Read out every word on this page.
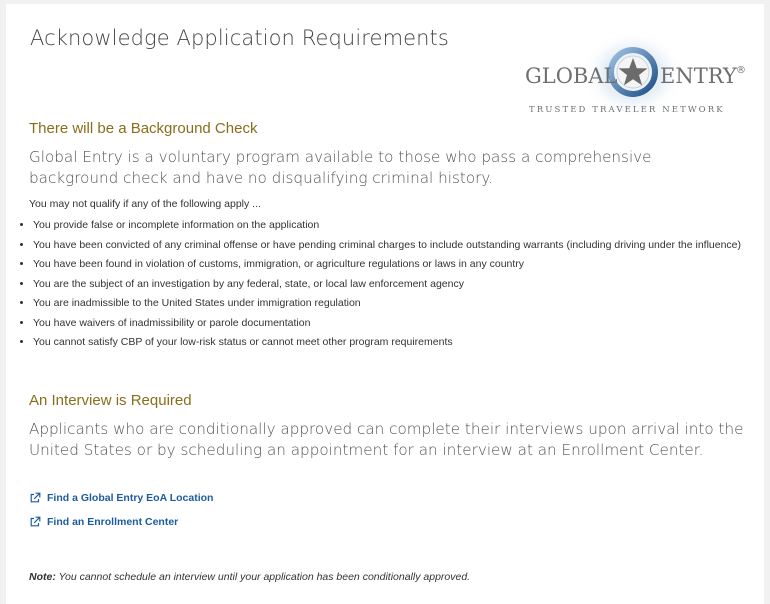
Acknowledge Application Requirements
GLOBAL ENTRY ®
TRUSTED TRAVELER NETWORK
There will be a Background Check

Global Entry is a voluntary program available to those who pass a comprehensive background check and have no disqualifying criminal history.

You may not qualify if any of the following apply ...

• You provide false or incomplete information on the application
• You have been convicted of any criminal offense or have pending criminal charges to include outstanding warrants (including driving under the influence)
• You have been found in violation of customs, immigration, or agriculture regulations or laws in any country
• You are the subject of an investigation by any federal, state, or local law enforcement agency
• You are inadmissible to the United States under immigration regulation
• You have waivers of inadmissibility or parole documentation
• You cannot satisfy CBP of your low-risk status or cannot meet other program requirements
An Interview is Required

Applicants who are conditionally approved can complete their interviews upon arrival into the
United States or by scheduling an appointment for an interview at an Enrollment Center.

Find a Global Entry EoA Location
Find an Enrollment Center

Note: You cannot schedule an interview until your application has been conditionally approved.
